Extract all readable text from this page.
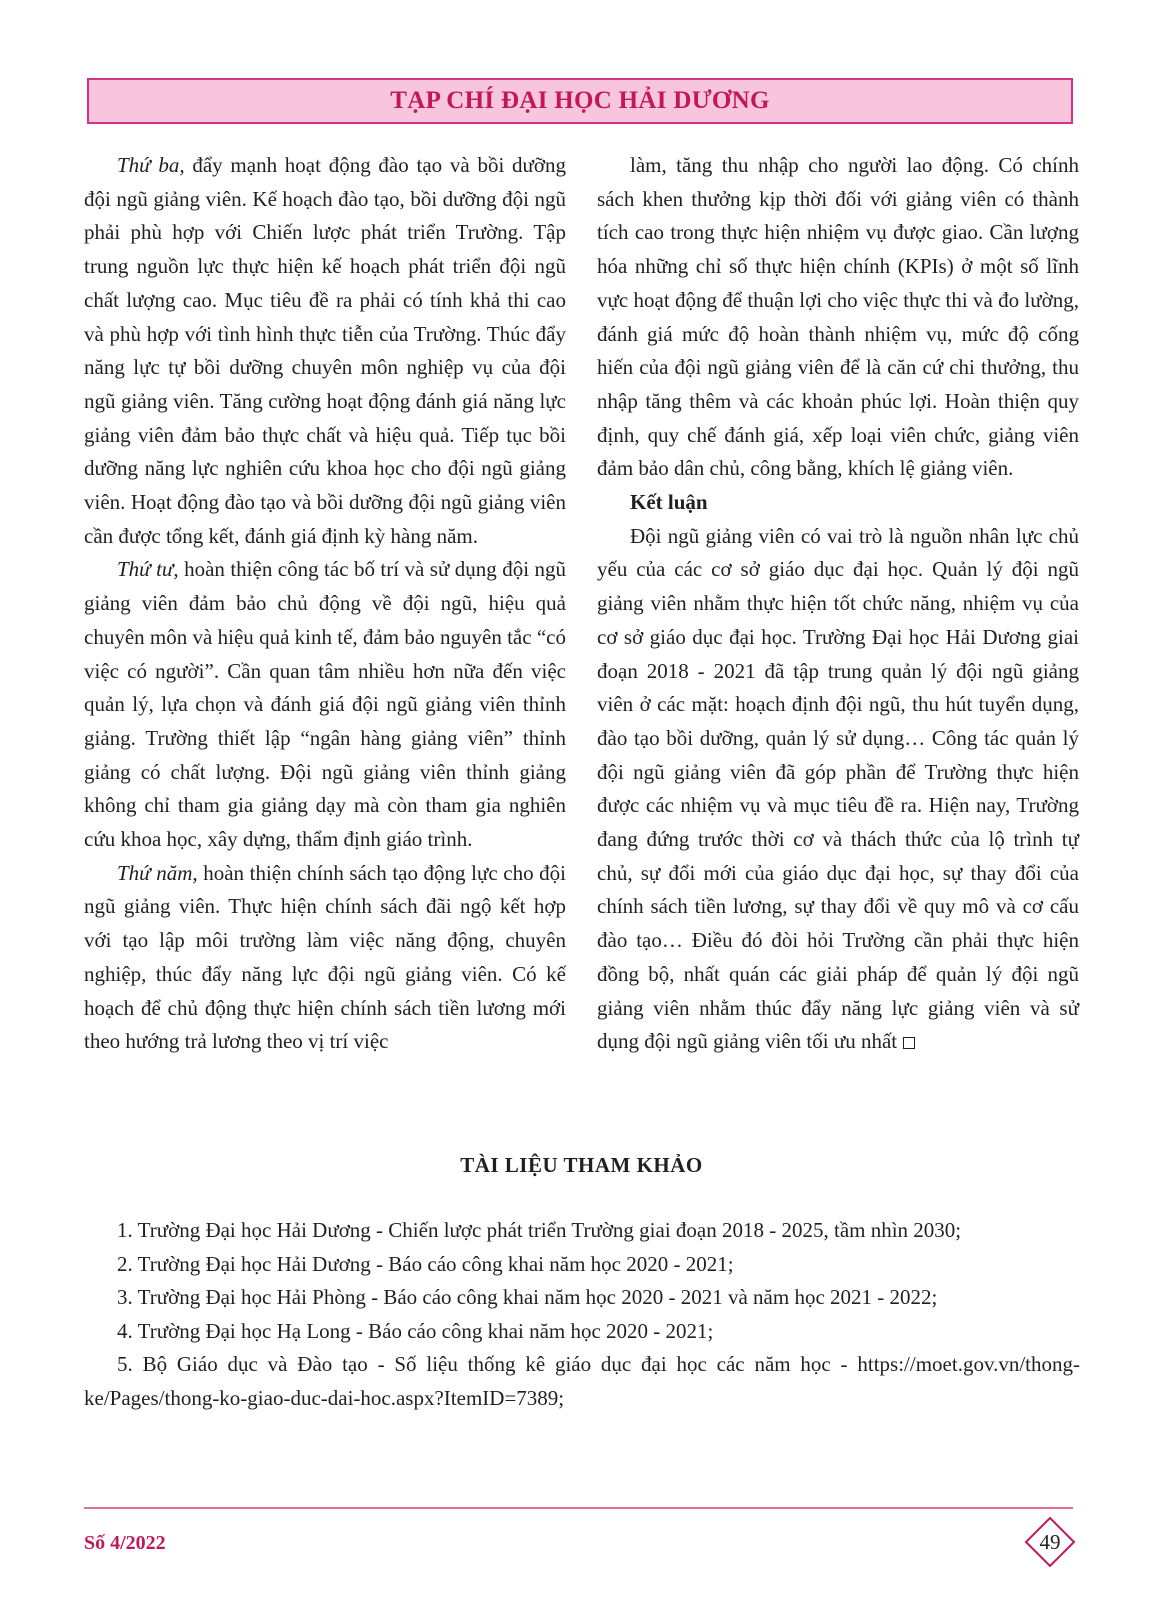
TẠP CHÍ ĐẠI HỌC HẢI DƯƠNG

Thứ ba, đẩy mạnh hoạt động đào tạo và bồi dưỡng đội ngũ giảng viên. Kế hoạch đào tạo, bồi dưỡng đội ngũ phải phù hợp với Chiến lược phát triển Trường. Tập trung nguồn lực thực hiện kế hoạch phát triển đội ngũ chất lượng cao. Mục tiêu đề ra phải có tính khả thi cao và phù hợp với tình hình thực tiễn của Trường. Thúc đẩy năng lực tự bồi dưỡng chuyên môn nghiệp vụ của đội ngũ giảng viên. Tăng cường hoạt động đánh giá năng lực giảng viên đảm bảo thực chất và hiệu quả. Tiếp tục bồi dưỡng năng lực nghiên cứu khoa học cho đội ngũ giảng viên. Hoạt động đào tạo và bồi dưỡng đội ngũ giảng viên cần được tổng kết, đánh giá định kỳ hàng năm.

Thứ tư, hoàn thiện công tác bố trí và sử dụng đội ngũ giảng viên đảm bảo chủ động về đội ngũ, hiệu quả chuyên môn và hiệu quả kinh tế, đảm bảo nguyên tắc “có việc có người”. Cần quan tâm nhiều hơn nữa đến việc quản lý, lựa chọn và đánh giá đội ngũ giảng viên thỉnh giảng. Trường thiết lập “ngân hàng giảng viên” thỉnh giảng có chất lượng. Đội ngũ giảng viên thỉnh giảng không chỉ tham gia giảng dạy mà còn tham gia nghiên cứu khoa học, xây dựng, thẩm định giáo trình.

Thứ năm, hoàn thiện chính sách tạo động lực cho đội ngũ giảng viên. Thực hiện chính sách đãi ngộ kết hợp với tạo lập môi trường làm việc năng động, chuyên nghiệp, thúc đẩy năng lực đội ngũ giảng viên. Có kế hoạch để chủ động thực hiện chính sách tiền lương mới theo hướng trả lương theo vị trí việc

làm, tăng thu nhập cho người lao động. Có chính sách khen thưởng kịp thời đối với giảng viên có thành tích cao trong thực hiện nhiệm vụ được giao. Cần lượng hóa những chỉ số thực hiện chính (KPIs) ở một số lĩnh vực hoạt động để thuận lợi cho việc thực thi và đo lường, đánh giá mức độ hoàn thành nhiệm vụ, mức độ cống hiến của đội ngũ giảng viên để là căn cứ chi thưởng, thu nhập tăng thêm và các khoản phúc lợi. Hoàn thiện quy định, quy chế đánh giá, xếp loại viên chức, giảng viên đảm bảo dân chủ, công bằng, khích lệ giảng viên.

Kết luận

Đội ngũ giảng viên có vai trò là nguồn nhân lực chủ yếu của các cơ sở giáo dục đại học. Quản lý đội ngũ giảng viên nhằm thực hiện tốt chức năng, nhiệm vụ của cơ sở giáo dục đại học. Trường Đại học Hải Dương giai đoạn 2018 - 2021 đã tập trung quản lý đội ngũ giảng viên ở các mặt: hoạch định đội ngũ, thu hút tuyển dụng, đào tạo bồi dưỡng, quản lý sử dụng… Công tác quản lý đội ngũ giảng viên đã góp phần để Trường thực hiện được các nhiệm vụ và mục tiêu đề ra. Hiện nay, Trường đang đứng trước thời cơ và thách thức của lộ trình tự chủ, sự đổi mới của giáo dục đại học, sự thay đổi của chính sách tiền lương, sự thay đổi về quy mô và cơ cấu đào tạo… Điều đó đòi hỏi Trường cần phải thực hiện đồng bộ, nhất quán các giải pháp để quản lý đội ngũ giảng viên nhằm thúc đẩy năng lực giảng viên và sử dụng đội ngũ giảng viên tối ưu nhất

TÀI LIỆU THAM KHẢO

1. Trường Đại học Hải Dương - Chiến lược phát triển Trường giai đoạn 2018 - 2025, tầm nhìn 2030;

2. Trường Đại học Hải Dương - Báo cáo công khai năm học 2020 - 2021;

3. Trường Đại học Hải Phòng - Báo cáo công khai năm học 2020 - 2021 và năm học 2021 - 2022;

4. Trường Đại học Hạ Long - Báo cáo công khai năm học 2020 - 2021;

5. Bộ Giáo dục và Đào tạo - Số liệu thống kê giáo dục đại học các năm học - https://moet.gov.vn/thong-ke/Pages/thong-ko-giao-duc-dai-hoc.aspx?ItemID=7389;

Số 4/2022	49
